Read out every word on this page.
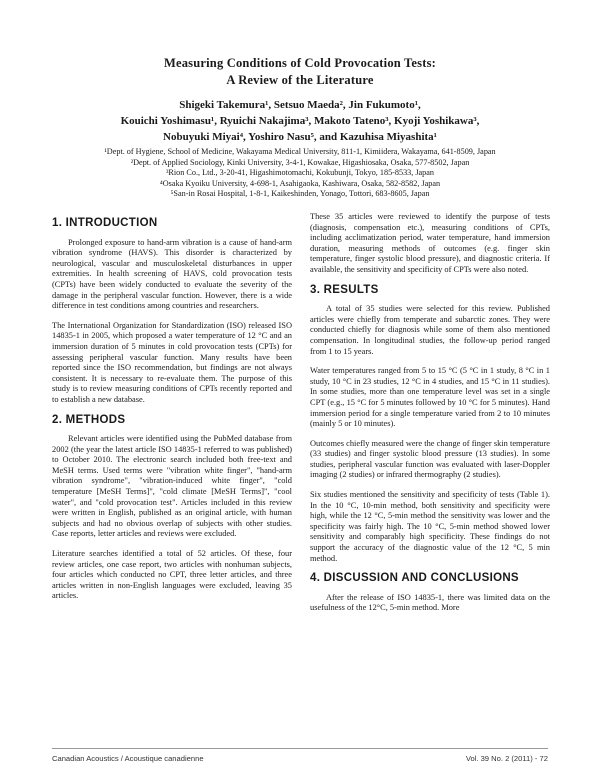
Measuring Conditions of Cold Provocation Tests:
A Review of the Literature
Shigeki Takemura¹, Setsuo Maeda², Jin Fukumoto¹,
Kouichi Yoshimasu¹, Ryuichi Nakajima³, Makoto Tateno³, Kyoji Yoshikawa³,
Nobuyuki Miyai⁴, Yoshiro Nasu⁵, and Kazuhisa Miyashita¹
¹Dept. of Hygiene, School of Medicine, Wakayama Medical University, 811-1, Kimiidera, Wakayama, 641-8509, Japan
²Dept. of Applied Sociology, Kinki University, 3-4-1, Kowakae, Higashiosaka, Osaka, 577-8502, Japan
³Rion Co., Ltd., 3-20-41, Higashimotomachi, Kokubunji, Tokyo, 185-8533, Japan
⁴Osaka Kyoiku University, 4-698-1, Asahigaoka, Kashiwara, Osaka, 582-8582, Japan
⁵San-in Rosai Hospital, 1-8-1, Kaikeshinden, Yonago, Tottori, 683-8605, Japan
1. INTRODUCTION

Prolonged exposure to hand-arm vibration is a cause of hand-arm vibration syndrome (HAVS). This disorder is characterized by neurological, vascular and musculoskeletal disturbances in upper extremities. In health screening of HAVS, cold provocation tests (CPTs) have been widely conducted to evaluate the severity of the damage in the peripheral vascular function. However, there is a wide difference in test conditions among countries and researchers.

The International Organization for Standardization (ISO) released ISO 14835-1 in 2005, which proposed a water temperature of 12 °C and an immersion duration of 5 minutes in cold provocation tests (CPTs) for assessing peripheral vascular function. Many results have been reported since the ISO recommendation, but findings are not always consistent. It is necessary to re-evaluate them. The purpose of this study is to review measuring conditions of CPTs recently reported and to establish a new database.

2. METHODS

Relevant articles were identified using the PubMed database from 2002 (the year the latest article ISO 14835-1 referred to was published) to October 2010. The electronic search included both free-text and MeSH terms. Used terms were "vibration white finger", "hand-arm vibration syndrome", "vibration-induced white finger", "cold temperature [MeSH Terms]", "cold climate [MeSH Terms]", "cool water", and "cold provocation test". Articles included in this review were written in English, published as an original article, with human subjects and had no obvious overlap of subjects with other studies. Case reports, letter articles and reviews were excluded.

Literature searches identified a total of 52 articles. Of these, four review articles, one case report, two articles with nonhuman subjects, four articles which conducted no CPT, three letter articles, and three articles written in non-English languages were excluded, leaving 35 articles.

These 35 articles were reviewed to identify the purpose of tests (diagnosis, compensation etc.), measuring conditions of CPTs, including acclimatization period, water temperature, hand immersion duration, measuring methods of outcomes (e.g. finger skin temperature, finger systolic blood pressure), and diagnostic criteria. If available, the sensitivity and specificity of CPTs were also noted.

3. RESULTS

A total of 35 studies were selected for this review. Published articles were chiefly from temperate and subarctic zones. They were conducted chiefly for diagnosis while some of them also mentioned compensation. In longitudinal studies, the follow-up period ranged from 1 to 15 years.

Water temperatures ranged from 5 to 15 °C (5 °C in 1 study, 8 °C in 1 study, 10 °C in 23 studies, 12 °C in 4 studies, and 15 °C in 11 studies). In some studies, more than one temperature level was set in a single CPT (e.g., 15 °C for 5 minutes followed by 10 °C for 5 minutes). Hand immersion period for a single temperature varied from 2 to 10 minutes (mainly 5 or 10 minutes).

Outcomes chiefly measured were the change of finger skin temperature (33 studies) and finger systolic blood pressure (13 studies). In some studies, peripheral vascular function was evaluated with laser-Doppler imaging (2 studies) or infrared thermography (2 studies).

Six studies mentioned the sensitivity and specificity of tests (Table 1). In the 10 °C, 10-min method, both sensitivity and specificity were high, while the 12 °C, 5-min method the sensitivity was lower and the specificity was fairly high. The 10 °C, 5-min method showed lower sensitivity and comparably high specificity. These findings do not support the accuracy of the diagnostic value of the 12 °C, 5 min method.

4. DISCUSSION AND CONCLUSIONS

After the release of ISO 14835-1, there was limited data on the usefulness of the 12°C, 5-min method. More

Canadian Acoustics / Acoustique canadienne	Vol. 39 No. 2 (2011) - 72
